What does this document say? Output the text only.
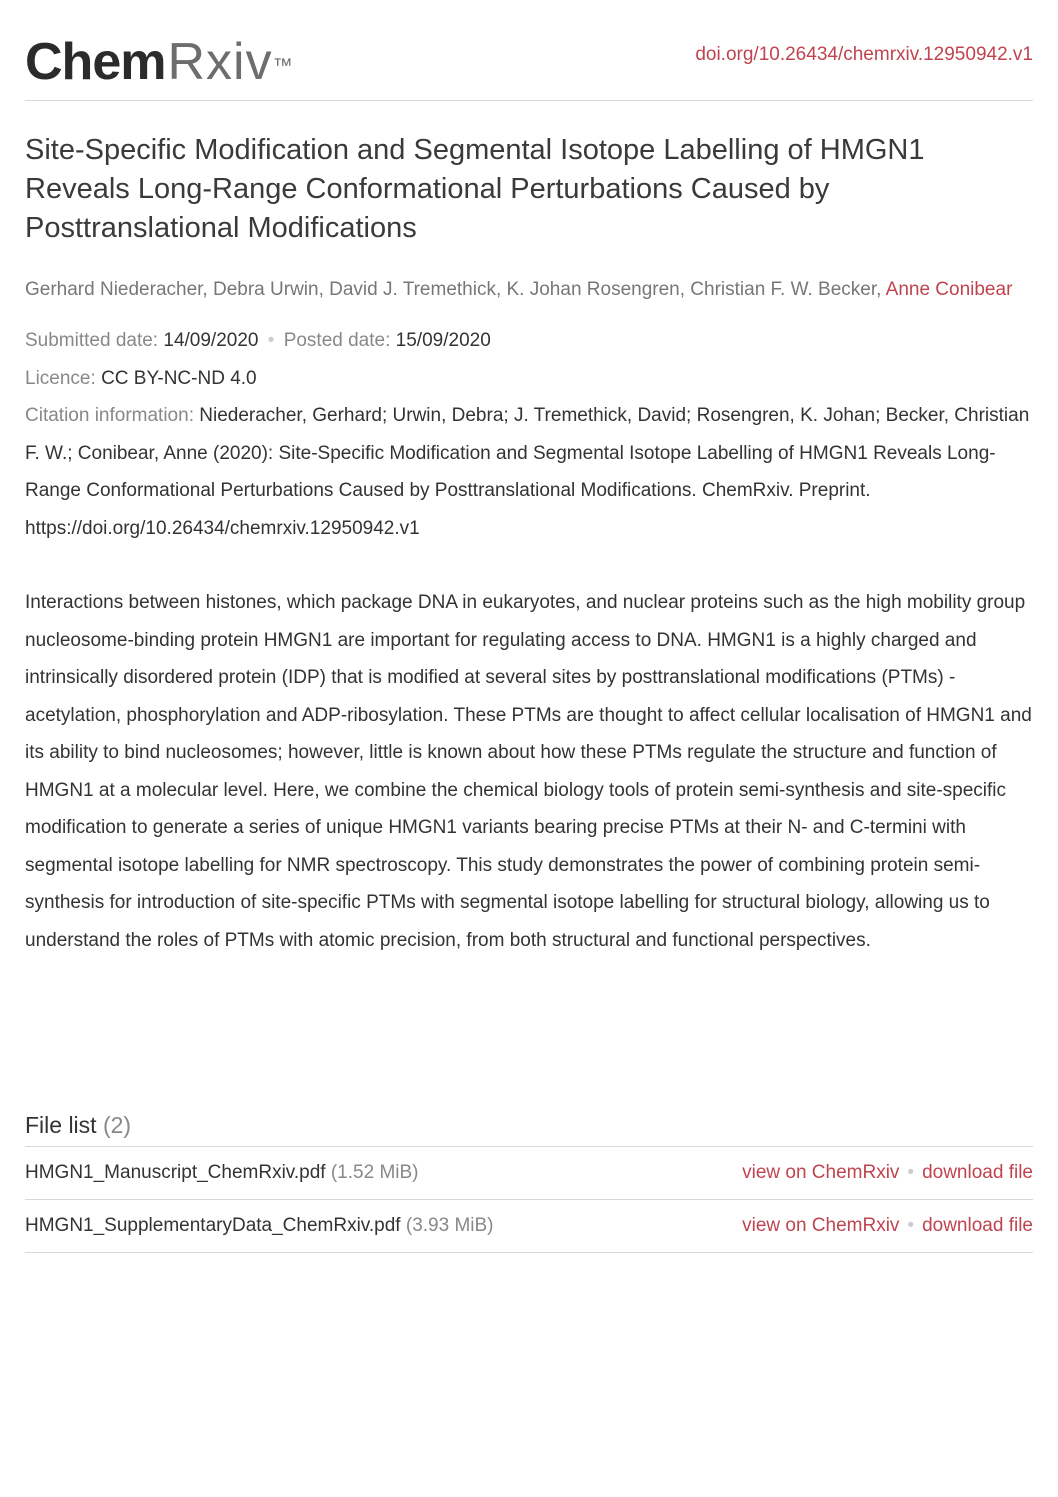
ChemRxiv™
doi.org/10.26434/chemrxiv.12950942.v1
Site-Specific Modification and Segmental Isotope Labelling of HMGN1 Reveals Long-Range Conformational Perturbations Caused by Posttranslational Modifications
Gerhard Niederacher, Debra Urwin, David J. Tremethick, K. Johan Rosengren, Christian F. W. Becker, Anne Conibear
Submitted date: 14/09/2020 • Posted date: 15/09/2020
Licence: CC BY-NC-ND 4.0
Citation information: Niederacher, Gerhard; Urwin, Debra; J. Tremethick, David; Rosengren, K. Johan; Becker, Christian F. W.; Conibear, Anne (2020): Site-Specific Modification and Segmental Isotope Labelling of HMGN1 Reveals Long-Range Conformational Perturbations Caused by Posttranslational Modifications. ChemRxiv. Preprint. https://doi.org/10.26434/chemrxiv.12950942.v1

Interactions between histones, which package DNA in eukaryotes, and nuclear proteins such as the high mobility group nucleosome-binding protein HMGN1 are important for regulating access to DNA. HMGN1 is a highly charged and intrinsically disordered protein (IDP) that is modified at several sites by posttranslational modifications (PTMs) - acetylation, phosphorylation and ADP-ribosylation. These PTMs are thought to affect cellular localisation of HMGN1 and its ability to bind nucleosomes; however, little is known about how these PTMs regulate the structure and function of HMGN1 at a molecular level. Here, we combine the chemical biology tools of protein semi-synthesis and site-specific modification to generate a series of unique HMGN1 variants bearing precise PTMs at their N- and C-termini with segmental isotope labelling for NMR spectroscopy. This study demonstrates the power of combining protein semi-synthesis for introduction of site-specific PTMs with segmental isotope labelling for structural biology, allowing us to understand the roles of PTMs with atomic precision, from both structural and functional perspectives.

File list (2)
HMGN1_Manuscript_ChemRxiv.pdf (1.52 MiB)	view on ChemRxiv • download file
HMGN1_SupplementaryData_ChemRxiv.pdf (3.93 MiB)	view on ChemRxiv • download file
